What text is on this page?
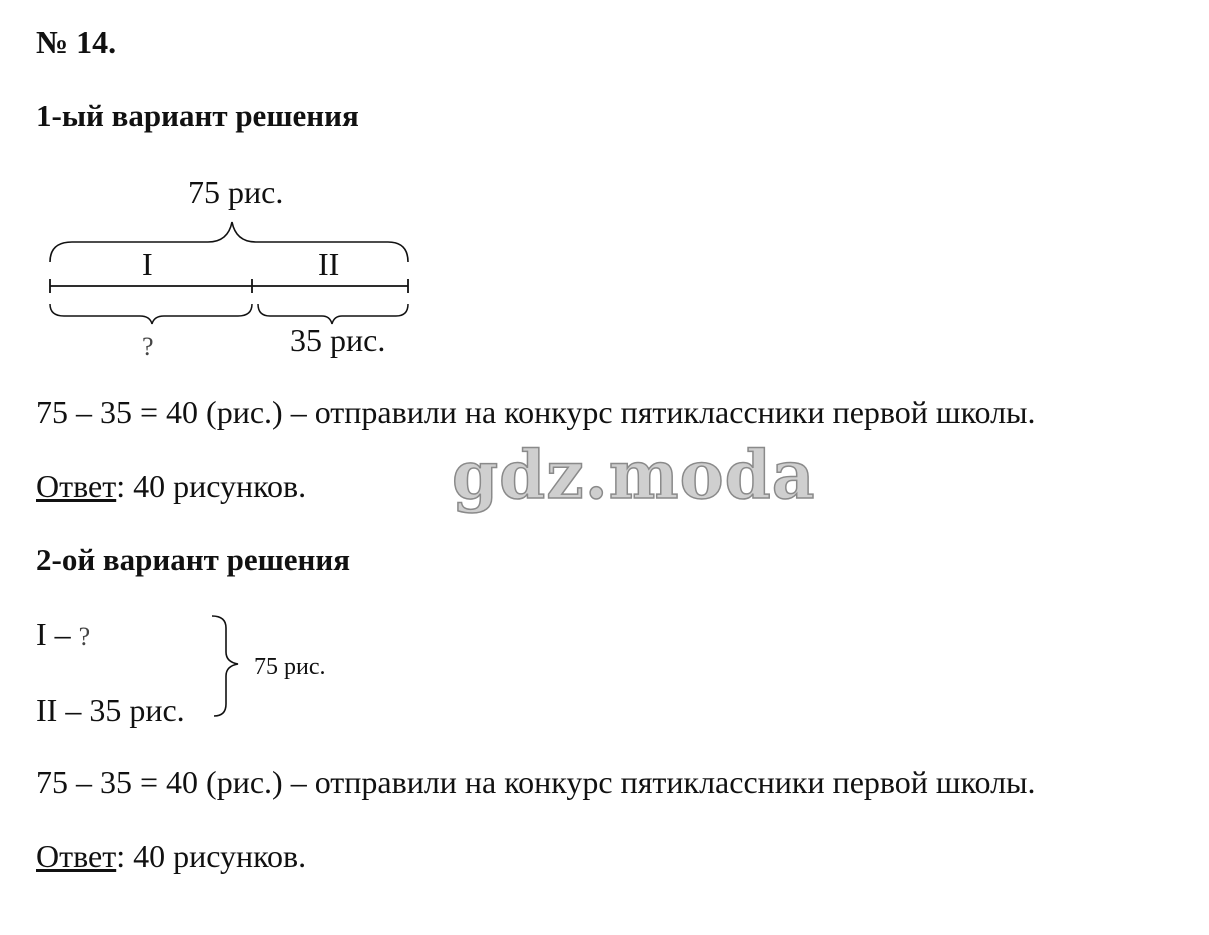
№ 14.
1-ый вариант решения
75 рис.
I	II
?	35 рис.
75 – 35 = 40 (рис.) – отправили на конкурс пятиклассники первой школы.
Ответ: 40 рисунков. gdz.moda
2-ой вариант решения
I – ?
75 рис.
II – 35 рис.
75 – 35 = 40 (рис.) – отправили на конкурс пятиклассники первой школы.
Ответ: 40 рисунков.
